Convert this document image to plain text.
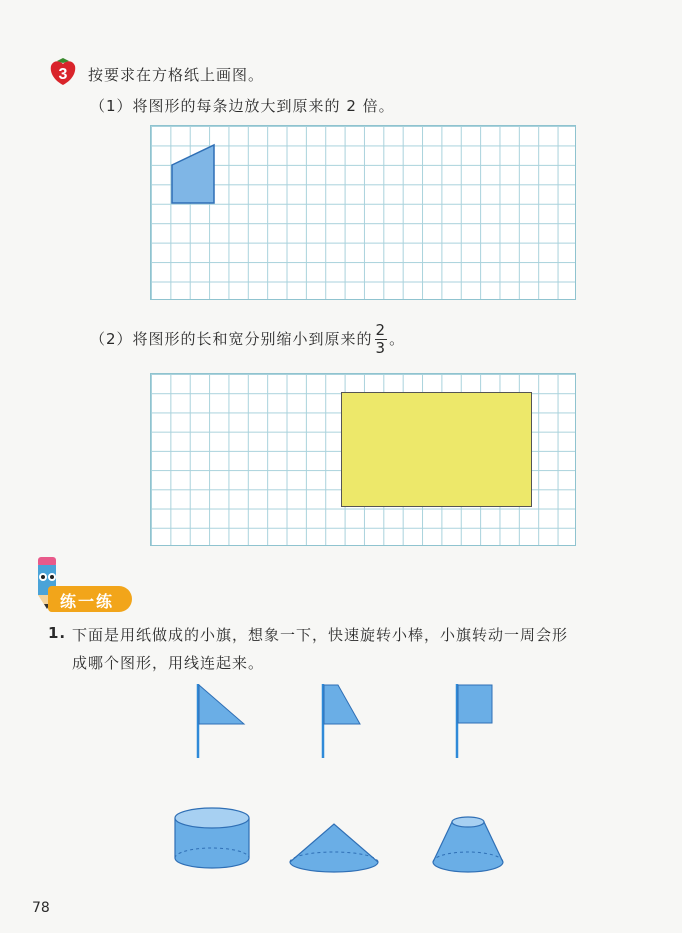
3 按要求在方格纸上画图。
（1）将图形的每条边放大到原来的 2 倍。
（2）将图形的长和宽分别缩小到原来的 $\frac{2}{3}$ 。
练一练
1. 下面是用纸做成的小旗，想象一下，快速旋转小棒，小旗转动一周会形
成哪个图形，用线连起来。
78
